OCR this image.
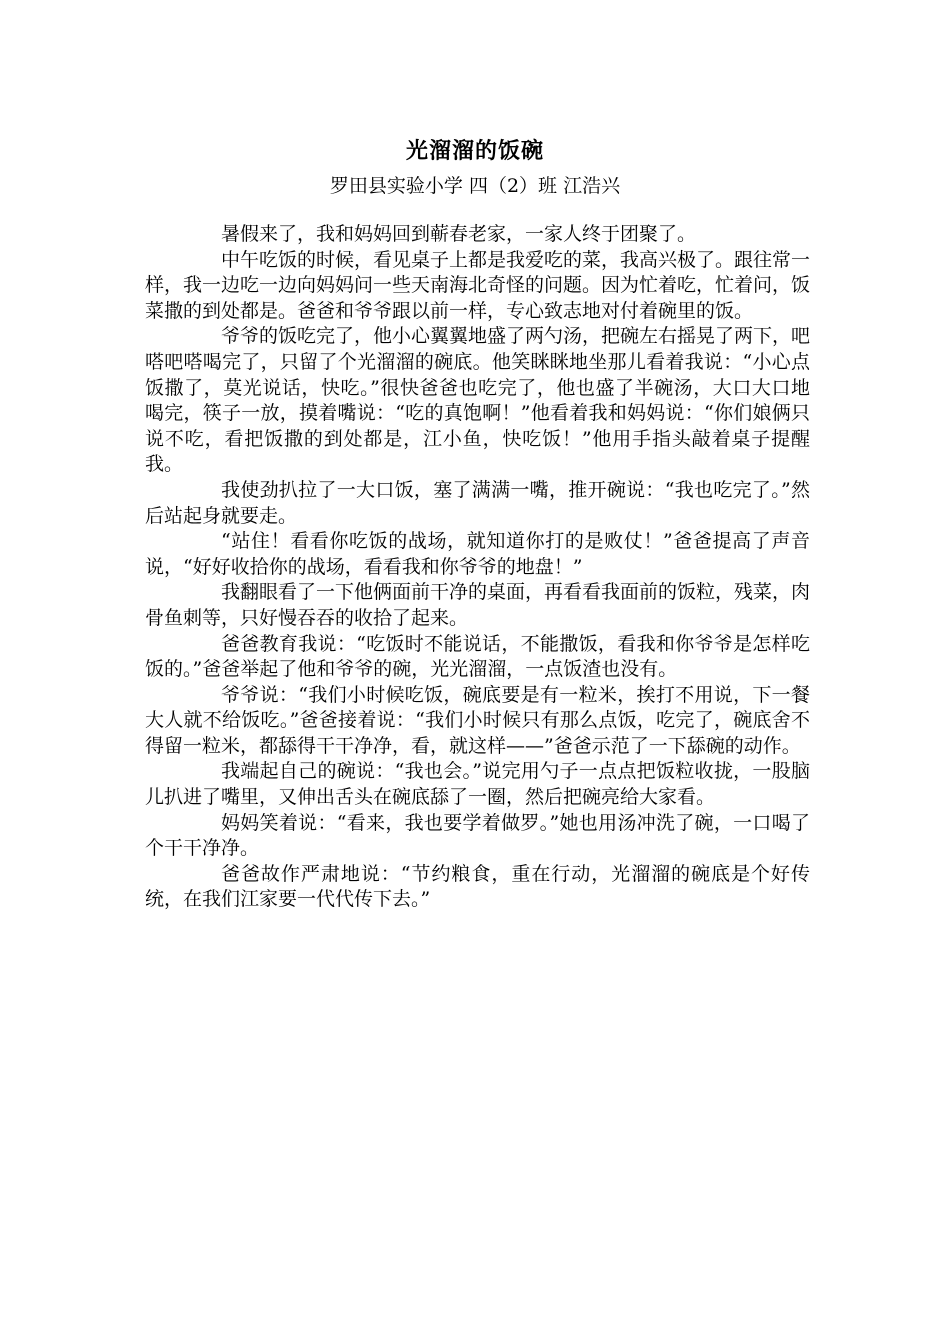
光溜溜的饭碗
罗田县实验小学 四（2）班 江浩兴

暑假来了，我和妈妈回到蕲春老家，一家人终于团聚了。

中午吃饭的时候，看见桌子上都是我爱吃的菜，我高兴极了。跟往常一样，我一边吃一边向妈妈问一些天南海北奇怪的问题。因为忙着吃，忙着问，饭菜撒的到处都是。爸爸和爷爷跟以前一样，专心致志地对付着碗里的饭。

爷爷的饭吃完了，他小心翼翼地盛了两勺汤，把碗左右摇晃了两下，吧嗒吧嗒喝完了，只留了个光溜溜的碗底。他笑眯眯地坐那儿看着我说：“小心点饭撒了，莫光说话，快吃。”很快爸爸也吃完了，他也盛了半碗汤，大口大口地喝完，筷子一放，摸着嘴说：“吃的真饱啊！”他看着我和妈妈说：“你们娘俩只说不吃，看把饭撒的到处都是，江小鱼，快吃饭！”他用手指头敲着桌子提醒我。

我使劲扒拉了一大口饭，塞了满满一嘴，推开碗说：“我也吃完了。”然后站起身就要走。

“站住！看看你吃饭的战场，就知道你打的是败仗！”爸爸提高了声音说，“好好收拾你的战场，看看我和你爷爷的地盘！”

我翻眼看了一下他俩面前干净的桌面，再看看我面前的饭粒，残菜，肉骨鱼刺等，只好慢吞吞的收拾了起来。

爸爸教育我说：“吃饭时不能说话，不能撒饭，看我和你爷爷是怎样吃饭的。”爸爸举起了他和爷爷的碗，光光溜溜，一点饭渣也没有。

爷爷说：“我们小时候吃饭，碗底要是有一粒米，挨打不用说，下一餐大人就不给饭吃。”爸爸接着说：“我们小时候只有那么点饭，吃完了，碗底舍不得留一粒米，都舔得干干净净，看，就这样——”爸爸示范了一下舔碗的动作。

我端起自己的碗说：“我也会。”说完用勺子一点点把饭粒收拢，一股脑儿扒进了嘴里，又伸出舌头在碗底舔了一圈，然后把碗亮给大家看。

妈妈笑着说：“看来，我也要学着做罗。”她也用汤冲洗了碗，一口喝了个干干净净。

爸爸故作严肃地说：“节约粮食，重在行动，光溜溜的碗底是个好传统，在我们江家要一代代传下去。”
